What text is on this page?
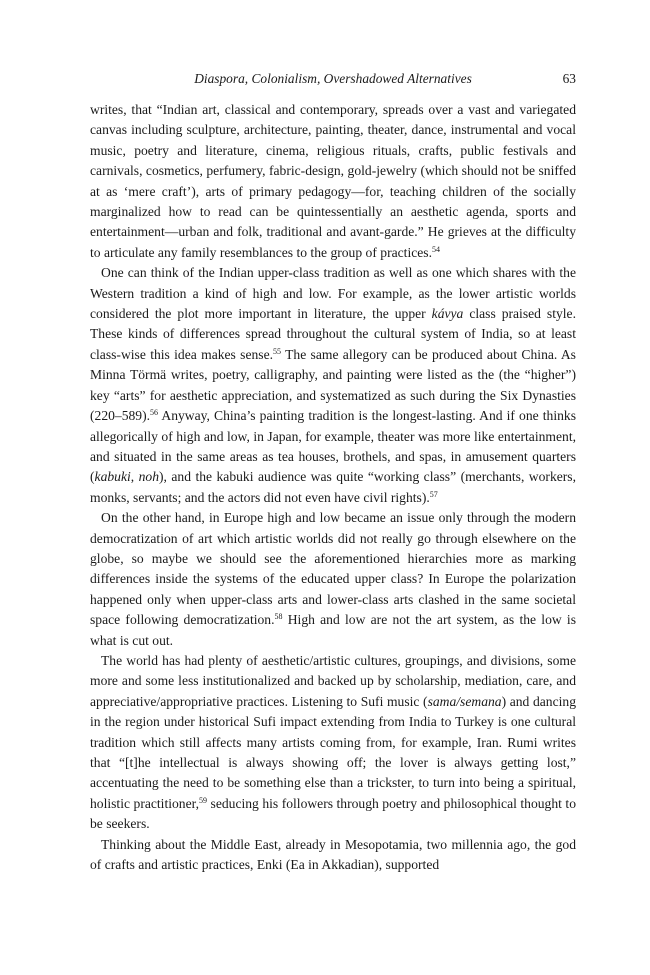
Diaspora, Colonialism, Overshadowed Alternatives	63

writes, that “Indian art, classical and contemporary, spreads over a vast and variegated canvas including sculpture, architecture, painting, theater, dance, instrumental and vocal music, poetry and literature, cinema, religious rituals, crafts, public festivals and carnivals, cosmetics, perfumery, fabric-design, gold-jewelry (which should not be sniffed at as ‘mere craft’), arts of primary pedagogy—for, teaching children of the socially marginalized how to read can be quintessentially an aesthetic agenda, sports and entertainment—urban and folk, traditional and avant-garde.” He grieves at the difficulty to articulate any family resemblances to the group of practices.$^{54}$

One can think of the Indian upper-class tradition as well as one which shares with the Western tradition a kind of high and low. For example, as the lower artistic worlds considered the plot more important in literature, the upper kávya class praised style. These kinds of differences spread throughout the cultural system of India, so at least class-wise this idea makes sense.$^{55}$ The same allegory can be produced about China. As Minna Törmä writes, poetry, calligraphy, and painting were listed as the (the “higher”) key “arts” for aesthetic appreciation, and systematized as such during the Six Dynasties (220–589).$^{56}$ Anyway, China’s painting tradition is the longest-lasting. And if one thinks allegorically of high and low, in Japan, for example, theater was more like entertainment, and situated in the same areas as tea houses, brothels, and spas, in amusement quarters (kabuki, noh), and the kabuki audience was quite “working class” (merchants, workers, monks, servants; and the actors did not even have civil rights).$^{57}$

On the other hand, in Europe high and low became an issue only through the modern democratization of art which artistic worlds did not really go through elsewhere on the globe, so maybe we should see the aforementioned hierarchies more as marking differences inside the systems of the educated upper class? In Europe the polarization happened only when upper-class arts and lower-class arts clashed in the same societal space following democratization.$^{58}$ High and low are not the art system, as the low is what is cut out.

The world has had plenty of aesthetic/artistic cultures, groupings, and divisions, some more and some less institutionalized and backed up by scholarship, mediation, care, and appreciative/appropriative practices. Listening to Sufi music (sama/semana) and dancing in the region under historical Sufi impact extending from India to Turkey is one cultural tradition which still affects many artists coming from, for example, Iran. Rumi writes that “[t]he intellectual is always showing off; the lover is always getting lost,” accentuating the need to be something else than a trickster, to turn into being a spiritual, holistic practitioner,$^{59}$ seducing his followers through poetry and philosophical thought to be seekers.

Thinking about the Middle East, already in Mesopotamia, two millennia ago, the god of crafts and artistic practices, Enki (Ea in Akkadian), supported
